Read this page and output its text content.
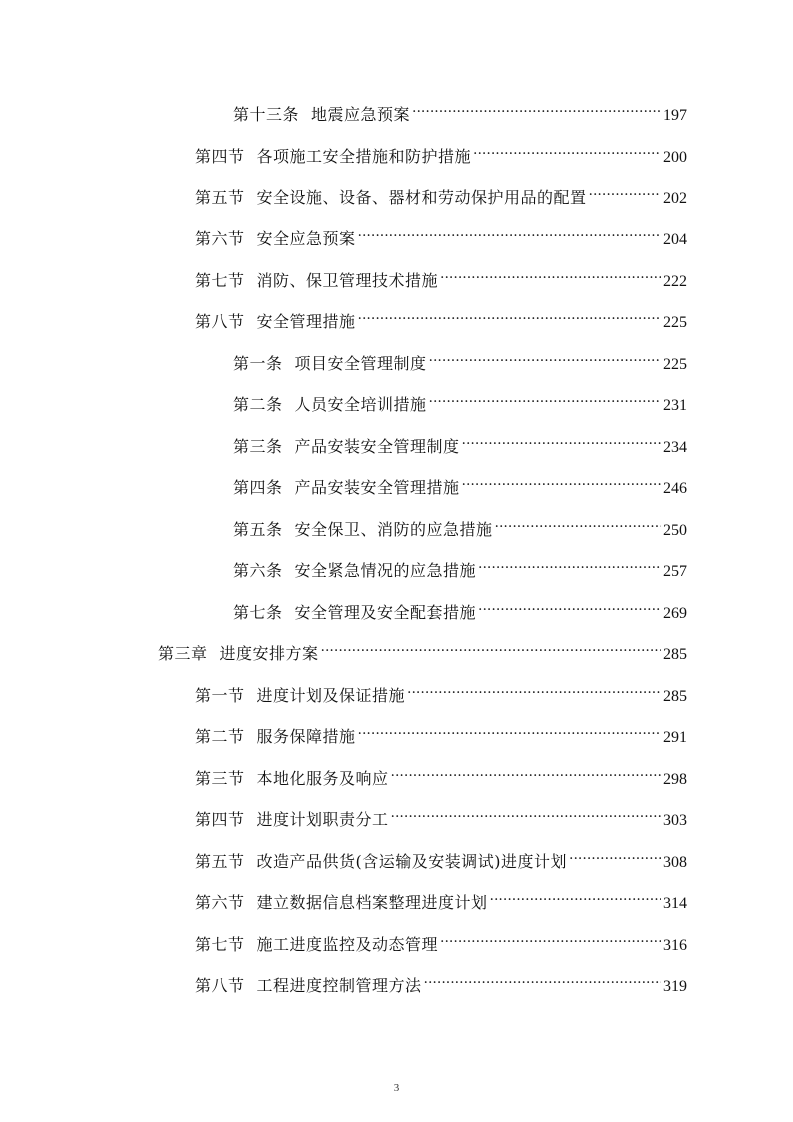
第十三条 地震应急预案 .....	197
第四节 各项施工安全措施和防护措施 .....	200
第五节 安全设施、设备、器材和劳动保护用品的配置 .....	202
第六节 安全应急预案 .....	204
第七节 消防、保卫管理技术措施 .....	222
第八节 安全管理措施 .....	225
第一条 项目安全管理制度 .....	225
第二条 人员安全培训措施 .....	231
第三条 产品安装安全管理制度 .....	234
第四条 产品安装安全管理措施 .....	246
第五条 安全保卫、消防的应急措施 .....	250
第六条 安全紧急情况的应急措施 .....	257
第七条 安全管理及安全配套措施 .....	269
第三章 进度安排方案 .....	285
第一节 进度计划及保证措施 .....	285
第二节 服务保障措施 .....	291
第三节 本地化服务及响应 .....	298
第四节 进度计划职责分工 .....	303
第五节 改造产品供货(含运输及安装调试)进度计划 .....	308
第六节 建立数据信息档案整理进度计划 .....	314
第七节 施工进度监控及动态管理 .....	316
第八节 工程进度控制管理方法 .....	319
3
